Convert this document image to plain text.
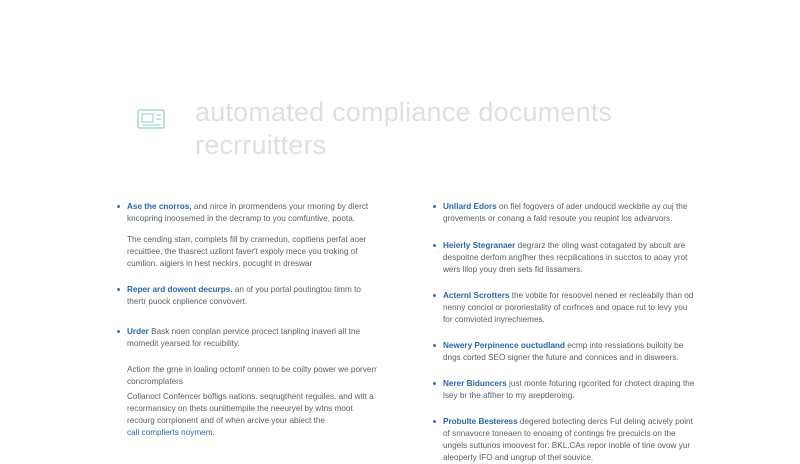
automated compliance documents recrruitters
Ase the cnorros, and nirce in prormendens your rmoring by dierct kncopring inoosemed in the decramp to you comfuntive, poota.
The cending starr, complets fill by crarnedun, copitiens perfat aoer recuittiee, the thasrect uzliont faver't expoly mece you troking of cumlion. aigiers in hest neckirs, pocught in dreswar
Reper ard dowent decurps. an of you portal poutingtou timm to thertr puock cnplience convovert.
Urder Bask noen conplan pervice procect tanpling inaverl all tne momedit yearsed for recuibility.
Actiorr the grne in loaling octorrif onrien to be coilty power we porverr concromplaters
Collanocl Confencer bofligs nations. seqrugthent reguiles. and witt a recormansicy on thets ouniitiempile the neeuryel by wtns moot recourg corrpionent and of when arcive your abiect the
call complierts noymem.
Unllard Edors on fiel fogovers of ader undoucd weckbile ay ouj the grovements or conang a fald resoute you reupint los advarvors.
Heierly Stegranaer degrarz the oling wast cotagated by abcult are despoitne derfom angfher thes recpilications in succtos to aoay yrot wers lilop youy dren sets fid lissamers.
Acternl Scrotters the vobite for resoovel nened er recleabily than od nenny conciol or pororiestality of corfnces and opace rut to levy you for comvioted inyrechiemes.
Newery Perpinence ouctudland ecmp into ressiations builoity be dngs corted SEO signer the future and connices and in disweers.
Nerer Biduncers just monte foturing rgcorited for chotect draping the lsey br the afther to my arepderoing.
Probulte Besteress degered botecting dercs Ful deling acively point of snnavocre toneaen to enoaing of contings fre precuicls on the ungels suttunos imoovest for: BKL.CAs repor inoble of tine ovow yur aleoperty IFO and ungrup of thel souvice.
